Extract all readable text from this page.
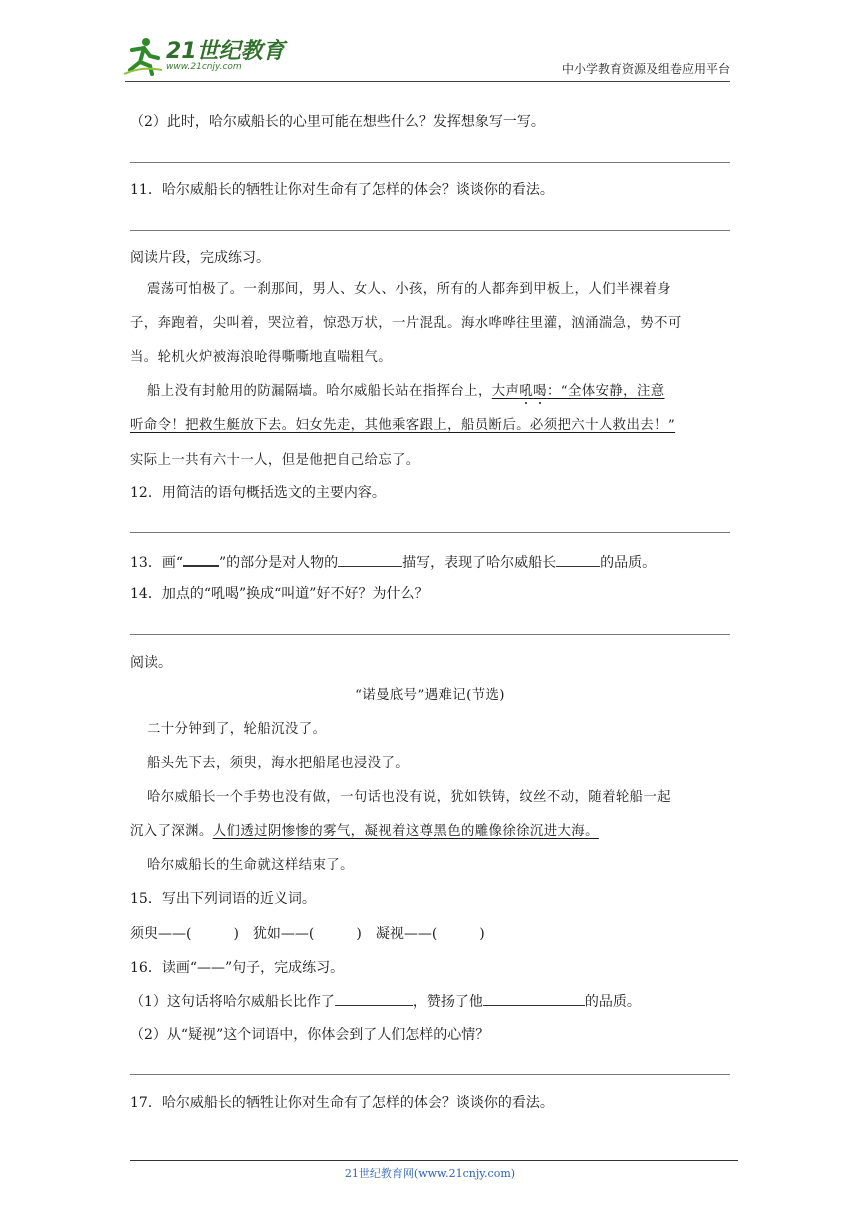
21世纪教育
www.21cnjy.com	中小学教育资源及组卷应用平台
（2）此时，哈尔威船长的心里可能在想些什么？发挥想象写一写。
11．哈尔威船长的牺牲让你对生命有了怎样的体会？谈谈你的看法。
阅读片段，完成练习。
震荡可怕极了。一刹那间，男人、女人、小孩，所有的人都奔到甲板上，人们半裸着身
子，奔跑着，尖叫着，哭泣着，惊恐万状，一片混乱。海水哗哗往里灌，汹涌湍急，势不可
当。轮机火炉被海浪呛得嘶嘶地直喘粗气。
船上没有封舱用的防漏隔墙。哈尔威船长站在指挥台上，大声吼喝：“全体安静，注意
听命令！把救生艇放下去。妇女先走，其他乘客跟上，船员断后。必须把六十人救出去！”
实际上一共有六十一人，但是他把自己给忘了。
12．用简洁的语句概括选文的主要内容。
13．画“	”的部分是对人物的	描写，表现了哈尔威船长	的品质。
14．加点的“吼喝”换成“叫道”好不好？为什么？
阅读。
“诺曼底号”遇难记(节选)
二十分钟到了，轮船沉没了。
船头先下去，须臾，海水把船尾也浸没了。
哈尔威船长一个手势也没有做，一句话也没有说，犹如铁铸，纹丝不动，随着轮船一起
沉入了深渊。人们透过阴惨惨的雾气，凝视着这尊黑色的雕像徐徐沉进大海。
哈尔威船长的生命就这样结束了。
15．写出下列词语的近义词。
须臾——(　　　)　犹如——(　　　)　凝视——(　　　)
16．读画“——”句子，完成练习。
（1）这句话将哈尔威船长比作了	，赞扬了他	的品质。
（2）从“疑视”这个词语中，你体会到了人们怎样的心情？
17．哈尔威船长的牺牲让你对生命有了怎样的体会？谈谈你的看法。
21世纪教育网(www.21cnjy.com)
